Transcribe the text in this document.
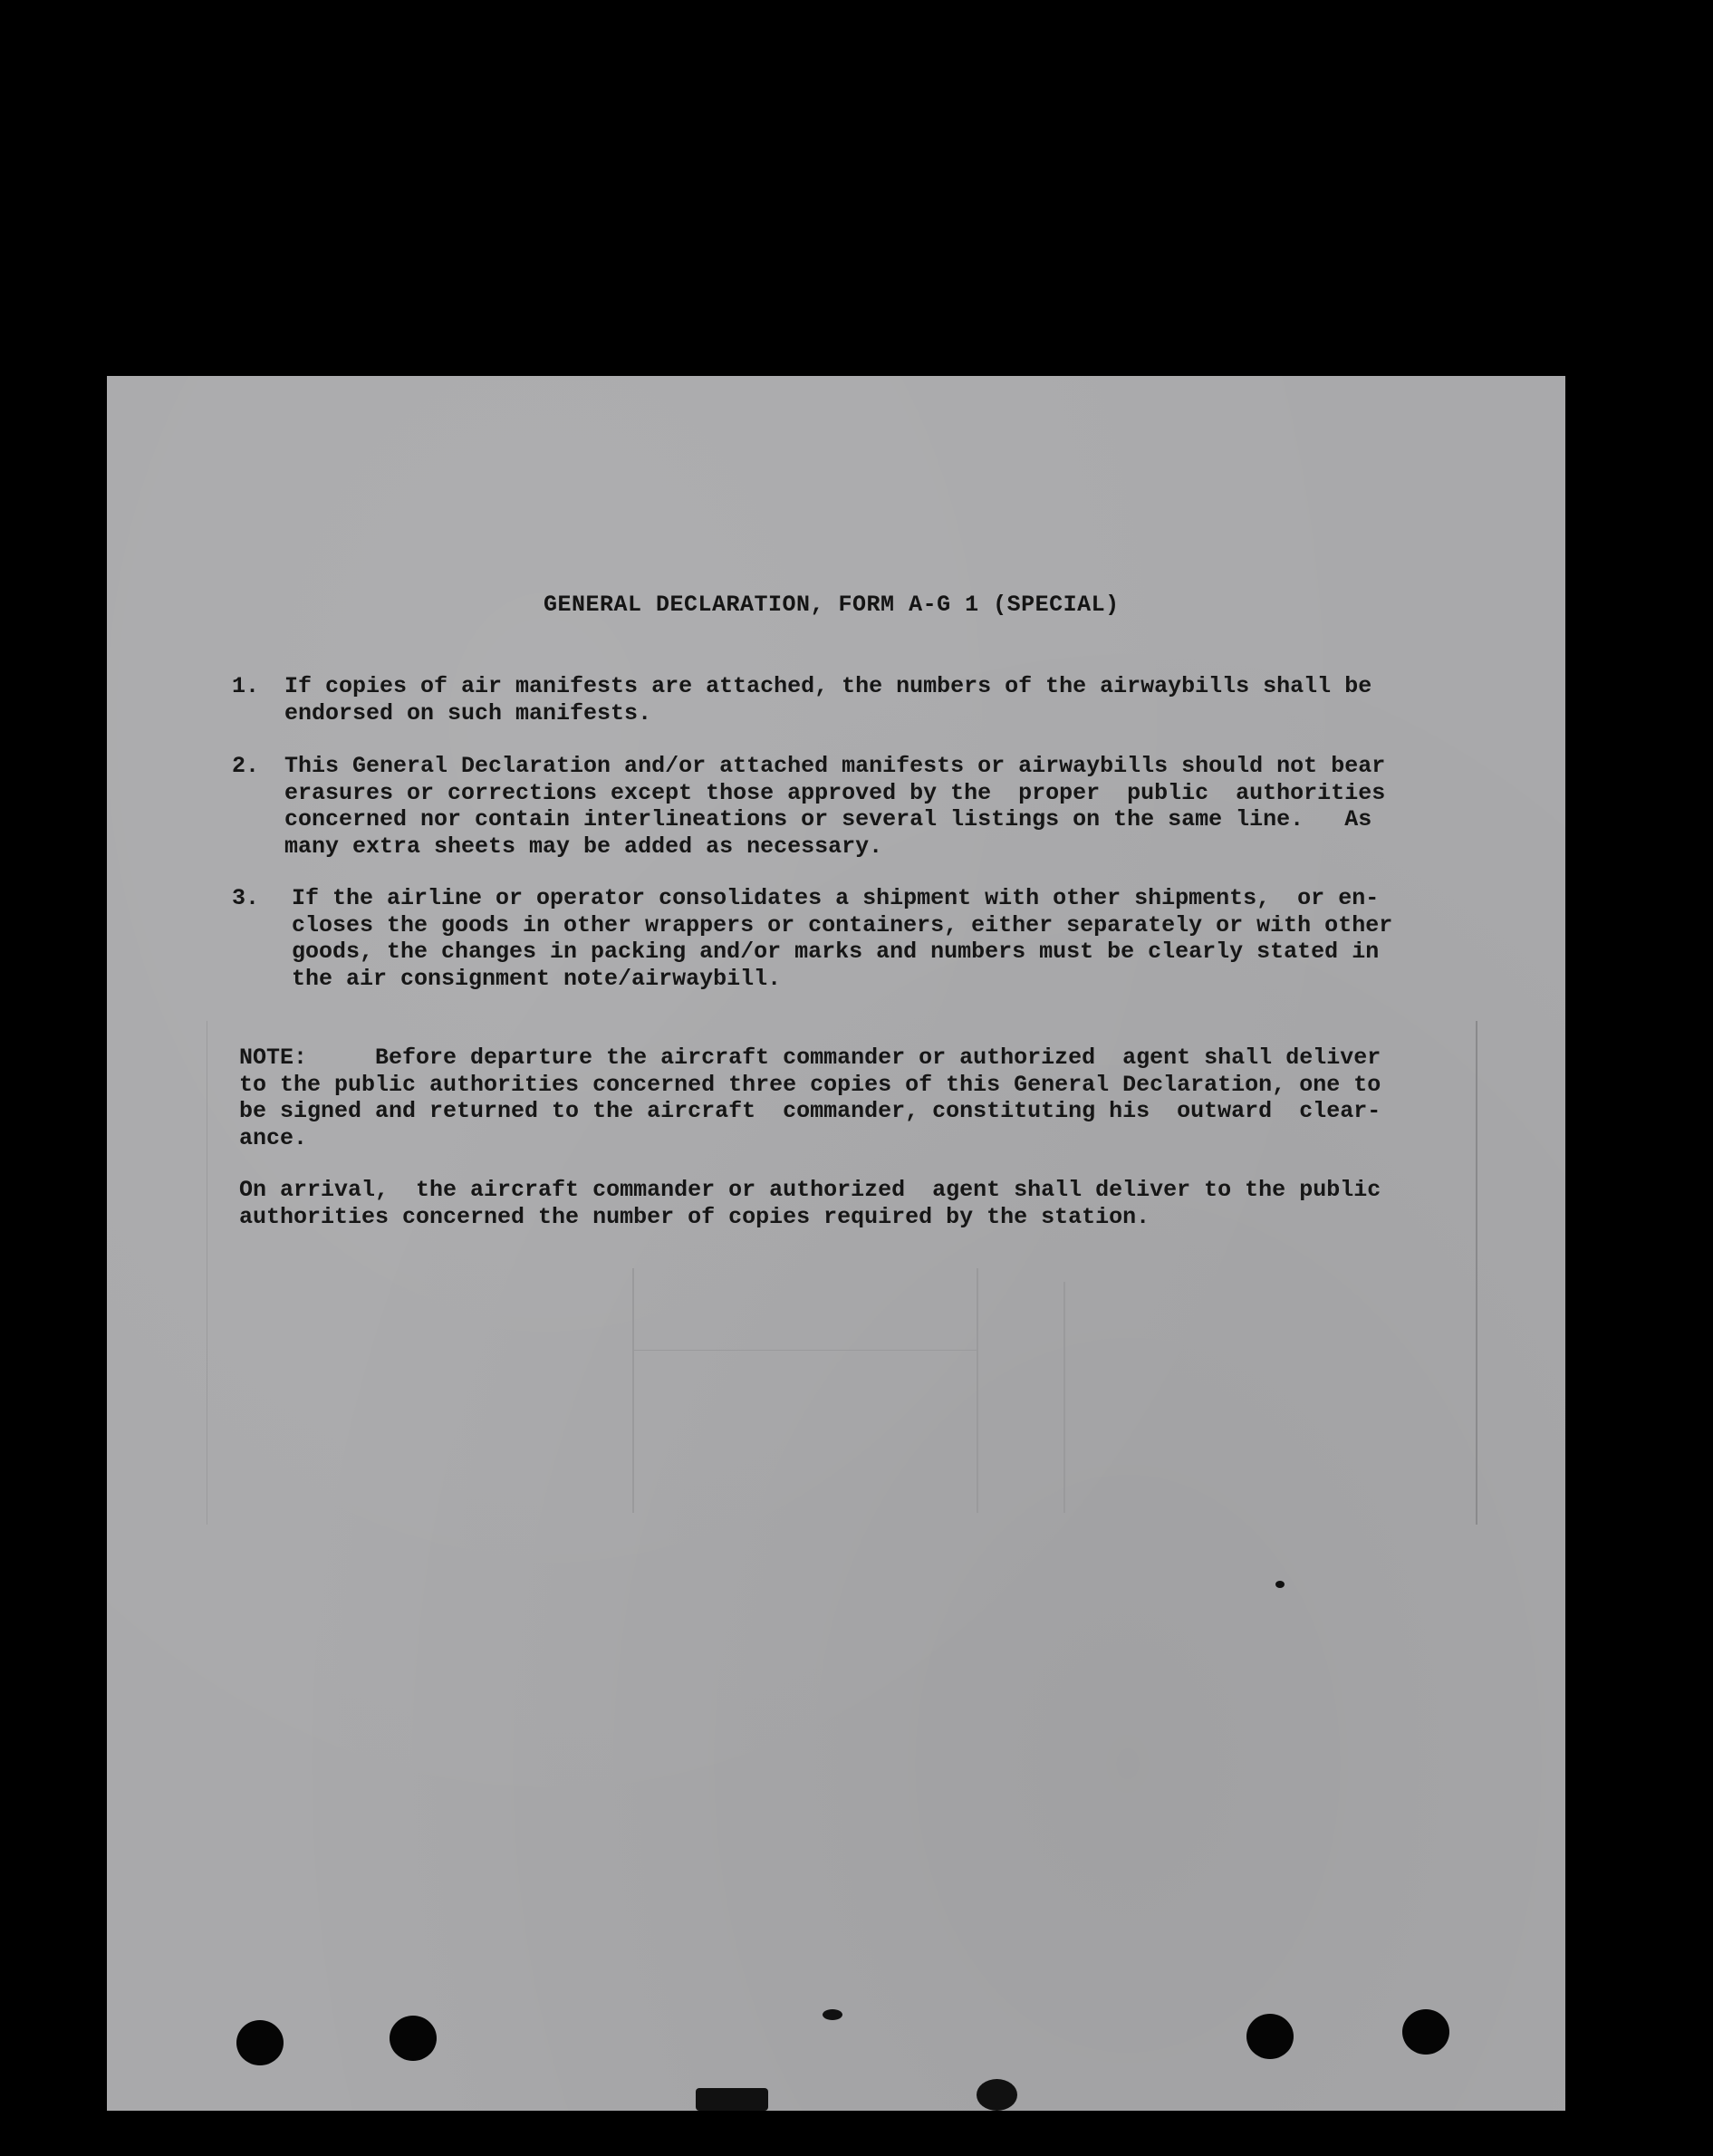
GENERAL DECLARATION, FORM A-G 1 (SPECIAL)
1.	If copies of air manifests are attached, the numbers of the airwaybills shall be
endorsed on such manifests.
2.	This General Declaration and/or attached manifests or airwaybills should not bear
erasures or corrections except those approved by the  proper  public  authorities
concerned nor contain interlineations or several listings on the same line.   As
many extra sheets may be added as necessary.
3.	If the airline or operator consolidates a shipment with other shipments,  or en-
closes the goods in other wrappers or containers, either separately or with other
goods, the changes in packing and/or marks and numbers must be clearly stated in
the air consignment note/airwaybill.
NOTE:     Before departure the aircraft commander or authorized  agent shall deliver
to the public authorities concerned three copies of this General Declaration, one to
be signed and returned to the aircraft  commander, constituting his  outward  clear-
ance.
On arrival,  the aircraft commander or authorized  agent shall deliver to the public
authorities concerned the number of copies required by the station.
